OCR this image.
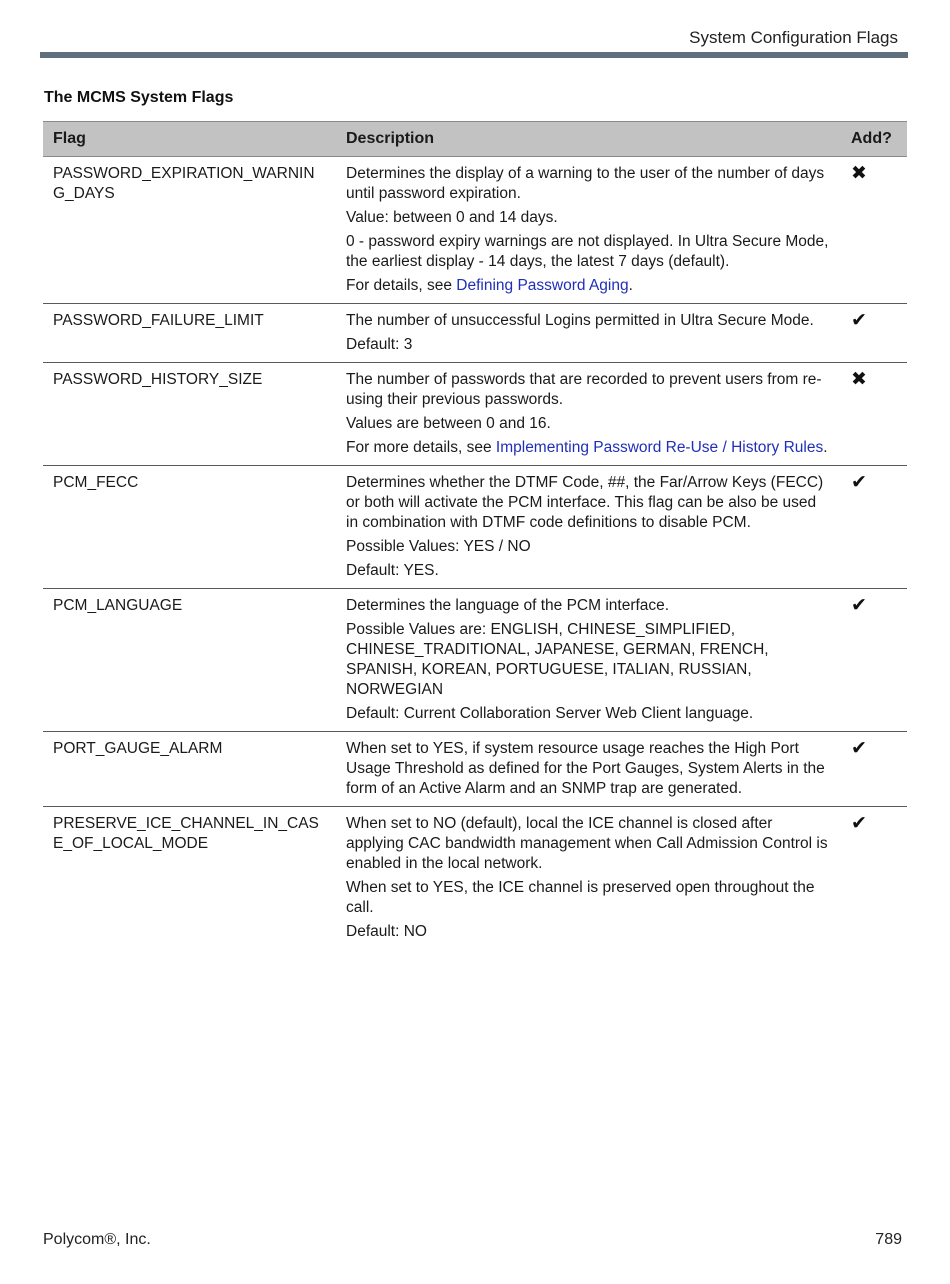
System Configuration Flags
The MCMS System Flags
Flag	Description	Add?
PASSWORD_EXPIRATION_WARNING_DAYS	Determines the display of a warning to the user of the number of days until password expiration.

Value: between 0 and 14 days.

0 - password expiry warnings are not displayed. In Ultra Secure Mode, the earliest display - 14 days, the latest 7 days (default).

For details, see Defining Password Aging.	✖
PASSWORD_FAILURE_LIMIT	The number of unsuccessful Logins permitted in Ultra Secure Mode.

Default: 3	✔
PASSWORD_HISTORY_SIZE	The number of passwords that are recorded to prevent users from re-using their previous passwords.

Values are between 0 and 16.

For more details, see Implementing Password Re-Use / History Rules.	✖
PCM_FECC	Determines whether the DTMF Code, ##, the Far/Arrow Keys (FECC) or both will activate the PCM interface. This flag can be also be used in combination with DTMF code definitions to disable PCM.

Possible Values: YES / NO

Default: YES.	✔
PCM_LANGUAGE	Determines the language of the PCM interface.

Possible Values are: ENGLISH, CHINESE_SIMPLIFIED, CHINESE_TRADITIONAL, JAPANESE, GERMAN, FRENCH, SPANISH, KOREAN, PORTUGUESE, ITALIAN, RUSSIAN, NORWEGIAN

Default: Current Collaboration Server Web Client language.	✔
PORT_GAUGE_ALARM	When set to YES, if system resource usage reaches the High Port Usage Threshold as defined for the Port Gauges, System Alerts in the form of an Active Alarm and an SNMP trap are generated.	✔
PRESERVE_ICE_CHANNEL_IN_CASE_OF_LOCAL_MODE	When set to NO (default), local the ICE channel is closed after applying CAC bandwidth management when Call Admission Control is enabled in the local network.

When set to YES, the ICE channel is preserved open throughout the call.

Default: NO	✔
Polycom®, Inc.	789
